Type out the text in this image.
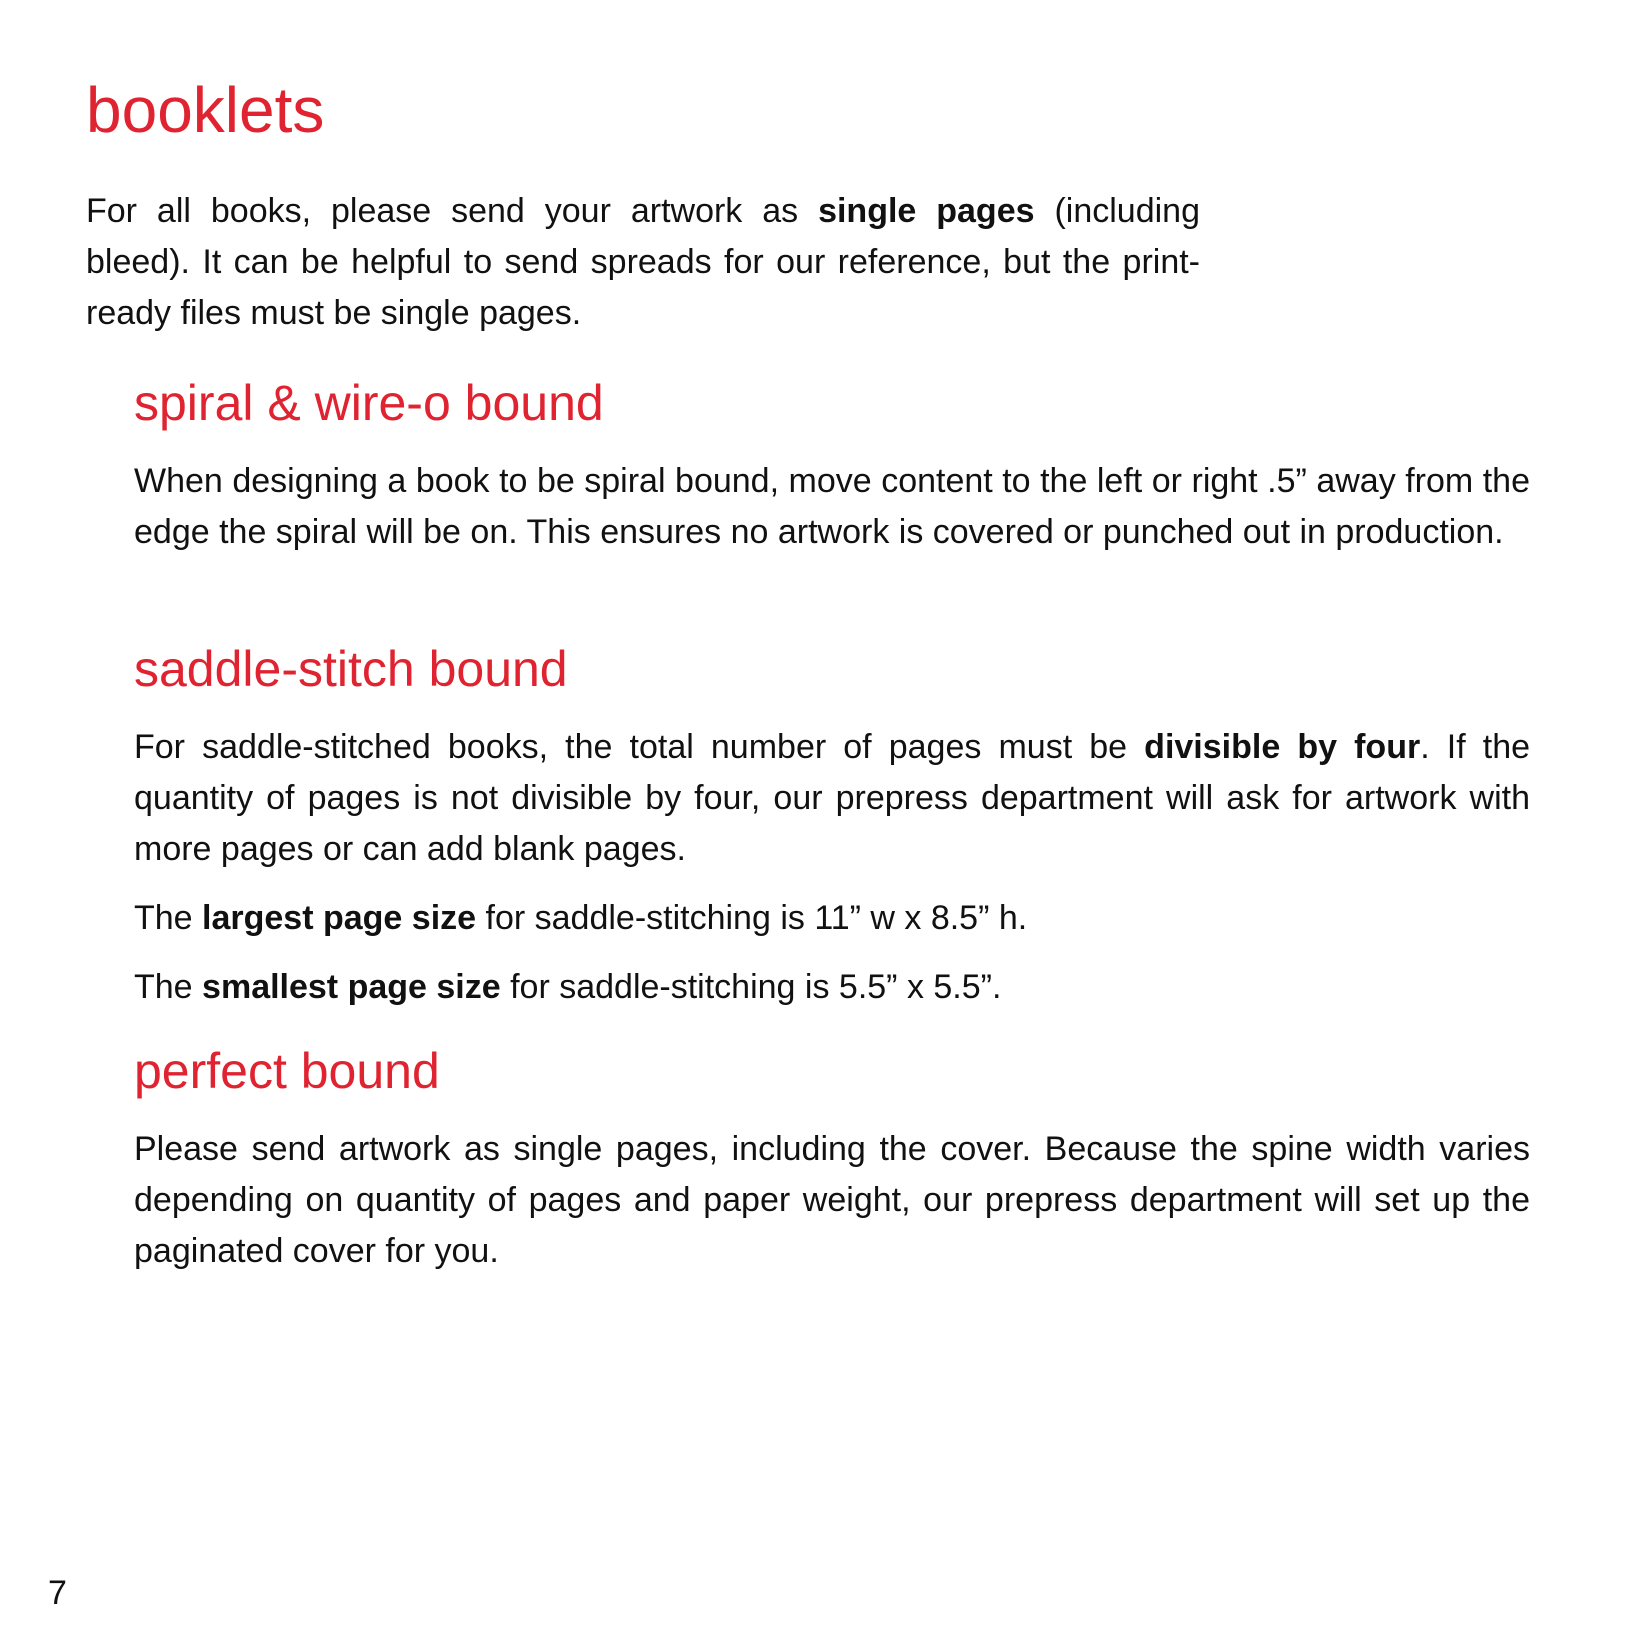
booklets

For all books, please send your artwork as single pages (including bleed). It can be helpful to send spreads for our reference, but the print-ready files must be single pages.

spiral & wire-o bound

When designing a book to be spiral bound, move content to the left or right .5” away from the edge the spiral will be on. This ensures no artwork is covered or punched out in production.

saddle-stitch bound

For saddle-stitched books, the total number of pages must be divisible by four. If the quantity of pages is not divisible by four, our prepress department will ask for artwork with more pages or can add blank pages.

The largest page size for saddle-stitching is 11” w x 8.5” h.

The smallest page size for saddle-stitching is 5.5” x 5.5”.

perfect bound

Please send artwork as single pages, including the cover. Because the spine width varies depending on quantity of pages and paper weight, our prepress department will set up the paginated cover for you.

7
